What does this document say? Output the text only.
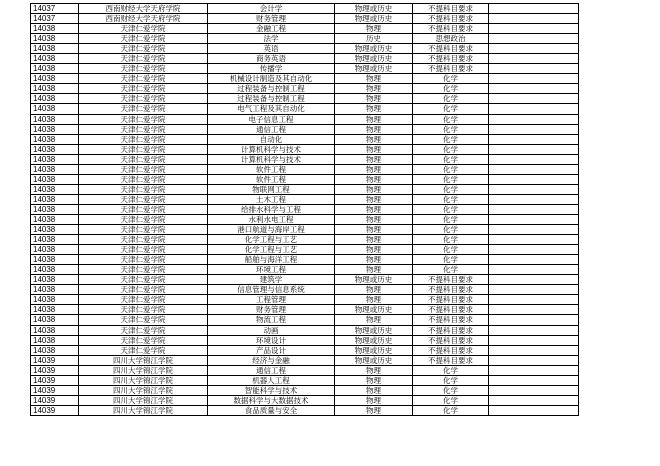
14037	西南财经大学天府学院	会计学	物理或历史	不提科目要求	
14037	西南财经大学天府学院	财务管理	物理或历史	不提科目要求	
14038	天津仁爱学院	金融工程	物理	不提科目要求	
14038	天津仁爱学院	法学	历史	思想政治	
14038	天津仁爱学院	英语	物理或历史	不提科目要求	
14038	天津仁爱学院	商务英语	物理或历史	不提科目要求	
14038	天津仁爱学院	传播学	物理或历史	不提科目要求	
14038	天津仁爱学院	机械设计制造及其自动化	物理	化学	
14038	天津仁爱学院	过程装备与控制工程	物理	化学	
14038	天津仁爱学院	过程装备与控制工程	物理	化学	
14038	天津仁爱学院	电气工程及其自动化	物理	化学	
14038	天津仁爱学院	电子信息工程	物理	化学	
14038	天津仁爱学院	通信工程	物理	化学	
14038	天津仁爱学院	自动化	物理	化学	
14038	天津仁爱学院	计算机科学与技术	物理	化学	
14038	天津仁爱学院	计算机科学与技术	物理	化学	
14038	天津仁爱学院	软件工程	物理	化学	
14038	天津仁爱学院	软件工程	物理	化学	
14038	天津仁爱学院	物联网工程	物理	化学	
14038	天津仁爱学院	土木工程	物理	化学	
14038	天津仁爱学院	给排水科学与工程	物理	化学	
14038	天津仁爱学院	水利水电工程	物理	化学	
14038	天津仁爱学院	港口航道与海岸工程	物理	化学	
14038	天津仁爱学院	化学工程与工艺	物理	化学	
14038	天津仁爱学院	化学工程与工艺	物理	化学	
14038	天津仁爱学院	船舶与海洋工程	物理	化学	
14038	天津仁爱学院	环境工程	物理	化学	
14038	天津仁爱学院	建筑学	物理或历史	不提科目要求	
14038	天津仁爱学院	信息管理与信息系统	物理	不提科目要求	
14038	天津仁爱学院	工程管理	物理	不提科目要求	
14038	天津仁爱学院	财务管理	物理或历史	不提科目要求	
14038	天津仁爱学院	物流工程	物理	不提科目要求	
14038	天津仁爱学院	动画	物理或历史	不提科目要求	
14038	天津仁爱学院	环境设计	物理或历史	不提科目要求	
14038	天津仁爱学院	产品设计	物理或历史	不提科目要求	
14039	四川大学锦江学院	经济与金融	物理或历史	不提科目要求	
14039	四川大学锦江学院	通信工程	物理	化学	
14039	四川大学锦江学院	机器人工程	物理	化学	
14039	四川大学锦江学院	智能科学与技术	物理	化学	
14039	四川大学锦江学院	数据科学与大数据技术	物理	化学	
14039	四川大学锦江学院	食品质量与安全	物理	化学	
